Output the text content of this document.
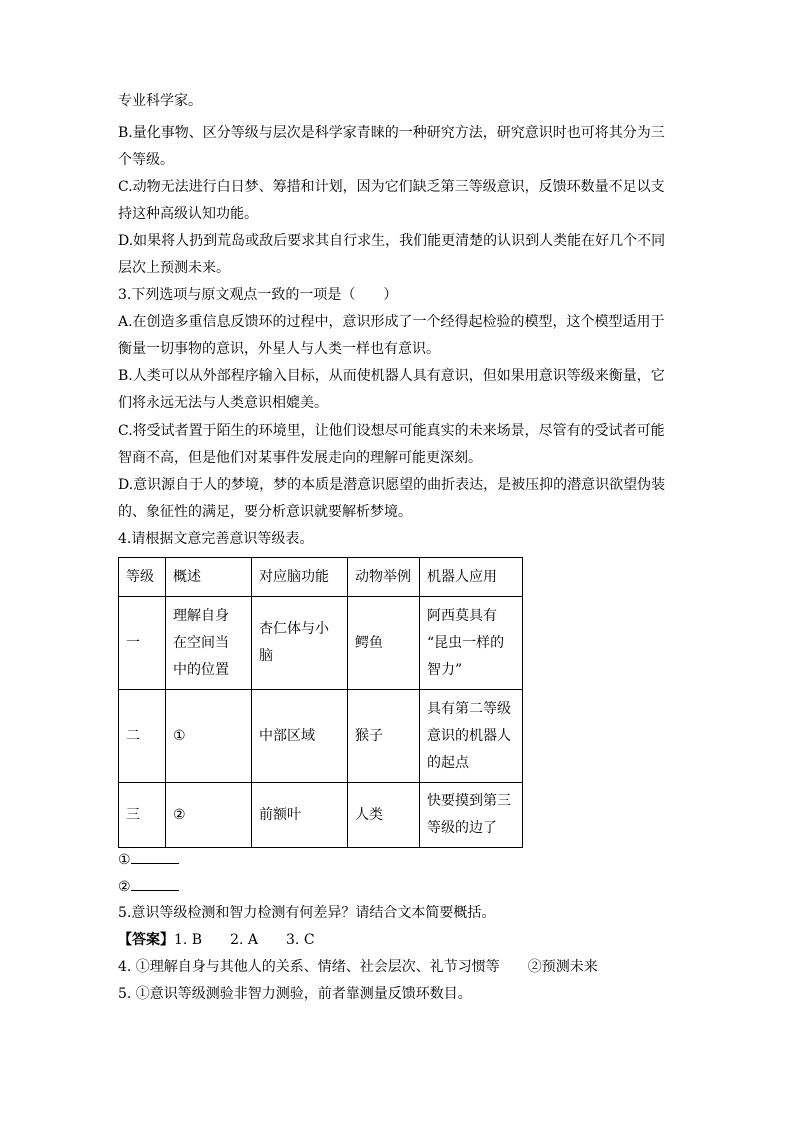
专业科学家。
B.量化事物、区分等级与层次是科学家青睐的一种研究方法，研究意识时也可将其分为三
个等级。
C.动物无法进行白日梦、筹措和计划，因为它们缺乏第三等级意识，反馈环数量不足以支
持这种高级认知功能。
D.如果将人扔到荒岛或敌后要求其自行求生，我们能更清楚的认识到人类能在好几个不同
层次上预测未来。
3.下列选项与原文观点一致的一项是（　　）
A.在创造多重信息反馈环的过程中，意识形成了一个经得起检验的模型，这个模型适用于
衡量一切事物的意识，外星人与人类一样也有意识。
B.人类可以从外部程序输入目标，从而使机器人具有意识，但如果用意识等级来衡量，它
们将永远无法与人类意识相媲美。
C.将受试者置于陌生的环境里，让他们设想尽可能真实的未来场景，尽管有的受试者可能
智商不高，但是他们对某事件发展走向的理解可能更深刻。
D.意识源自于人的梦境，梦的本质是潜意识愿望的曲折表达，是被压抑的潜意识欲望伪装
的、象征性的满足，要分析意识就要解析梦境。
4.请根据文意完善意识等级表。
等级	概述	对应脑功能	动物举例	机器人应用
一	理解自身
在空间当
中的位置	杏仁体与小
脑	鳄鱼	阿西莫具有
“昆虫一样的
智力”
二	①	中部区域	猴子	具有第二等级
意识的机器人
的起点
三	②	前额叶	人类	快要摸到第三
等级的边了
①
②
5.意识等级检测和智力检测有何差异？请结合文本简要概括。
【答案】1. B　　2. A　　3. C
4. ①理解自身与其他人的关系、情绪、社会层次、礼节习惯等　　②预测未来
5. ①意识等级测验非智力测验，前者靠测量反馈环数目。
